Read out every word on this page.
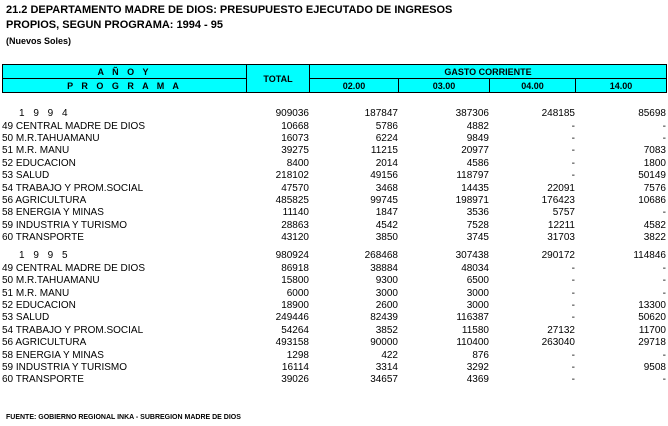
21.2 DEPARTAMENTO MADRE DE DIOS: PRESUPUESTO EJECUTADO DE INGRESOS
PROPIOS, SEGUN PROGRAMA: 1994 - 95
(Nuevos Soles)
A Ñ O Y	TOTAL	GASTO CORRIENTE			
P R O G R A M A		02.00	03.00	04.00	14.00
1 9 9 4	909036	187847	387306	248185	85698
49 CENTRAL MADRE DE DIOS	10668	5786	4882	-	-
50 M.R.TAHUAMANU	16073	6224	9849	-	-
51 M.R. MANU	39275	11215	20977	-	7083
52 EDUCACION	8400	2014	4586	-	1800
53 SALUD	218102	49156	118797	-	50149
54 TRABAJO Y PROM.SOCIAL	47570	3468	14435	22091	7576
56 AGRICULTURA	485825	99745	198971	176423	10686
58 ENERGIA Y MINAS	11140	1847	3536	5757	-
59 INDUSTRIA Y TURISMO	28863	4542	7528	12211	4582
60 TRANSPORTE	43120	3850	3745	31703	3822

1 9 9 5	980924	268468	307438	290172	114846
49 CENTRAL MADRE DE DIOS	86918	38884	48034	-	-
50 M.R.TAHUAMANU	15800	9300	6500	-	-
51 M.R. MANU	6000	3000	3000	-	-
52 EDUCACION	18900	2600	3000	-	13300
53 SALUD	249446	82439	116387	-	50620
54 TRABAJO Y PROM.SOCIAL	54264	3852	11580	27132	11700
56 AGRICULTURA	493158	90000	110400	263040	29718
58 ENERGIA Y MINAS	1298	422	876	-	-
59 INDUSTRIA Y TURISMO	16114	3314	3292	-	9508
60 TRANSPORTE	39026	34657	4369	-	-
FUENTE: GOBIERNO REGIONAL INKA - SUBREGION MADRE DE DIOS
